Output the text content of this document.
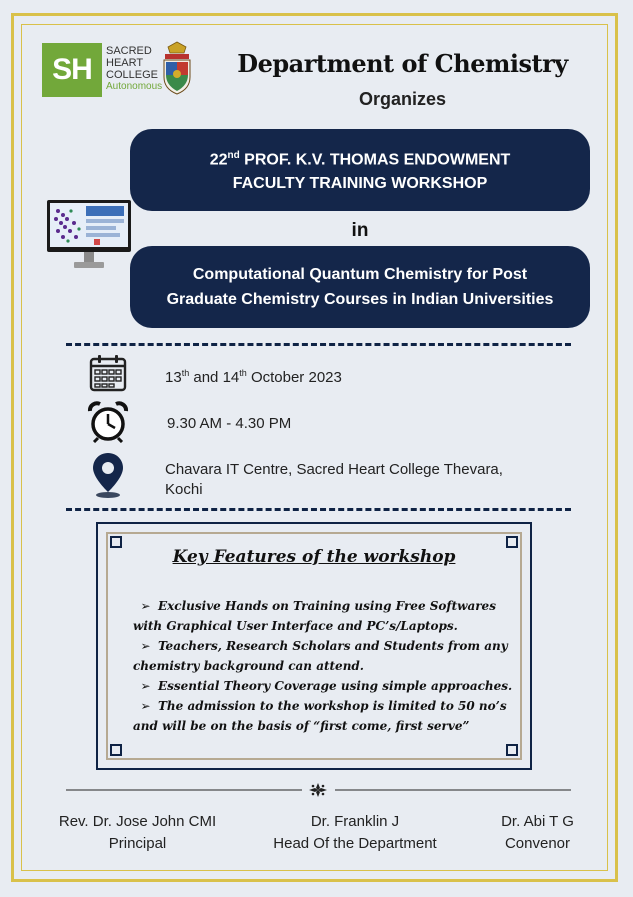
SH
SACRED
HEART
COLLEGE
Autonomous
Department of Chemistry
Organizes
22nd PROF. K.V. THOMAS ENDOWMENT
FACULTY TRAINING WORKSHOP
in
Computational Quantum Chemistry for Post
Graduate Chemistry Courses in Indian Universities
13th and 14th October 2023
9.30 AM - 4.30 PM
Chavara IT Centre, Sacred Heart College Thevara,
Kochi
Key Features of the workshop
➢ Exclusive Hands on Training using Free Softwares
with Graphical User Interface and PC’s/Laptops.
➢ Teachers, Research Scholars and Students from any
chemistry background can attend.
➢ Essential Theory Coverage using simple approaches.
➢ The admission to the workshop is limited to 50 no’s
and will be on the basis of “first come, first serve”
Rev. Dr. Jose John CMI
Principal
Dr. Franklin J
Head Of the Department
Dr. Abi T G
Convenor
